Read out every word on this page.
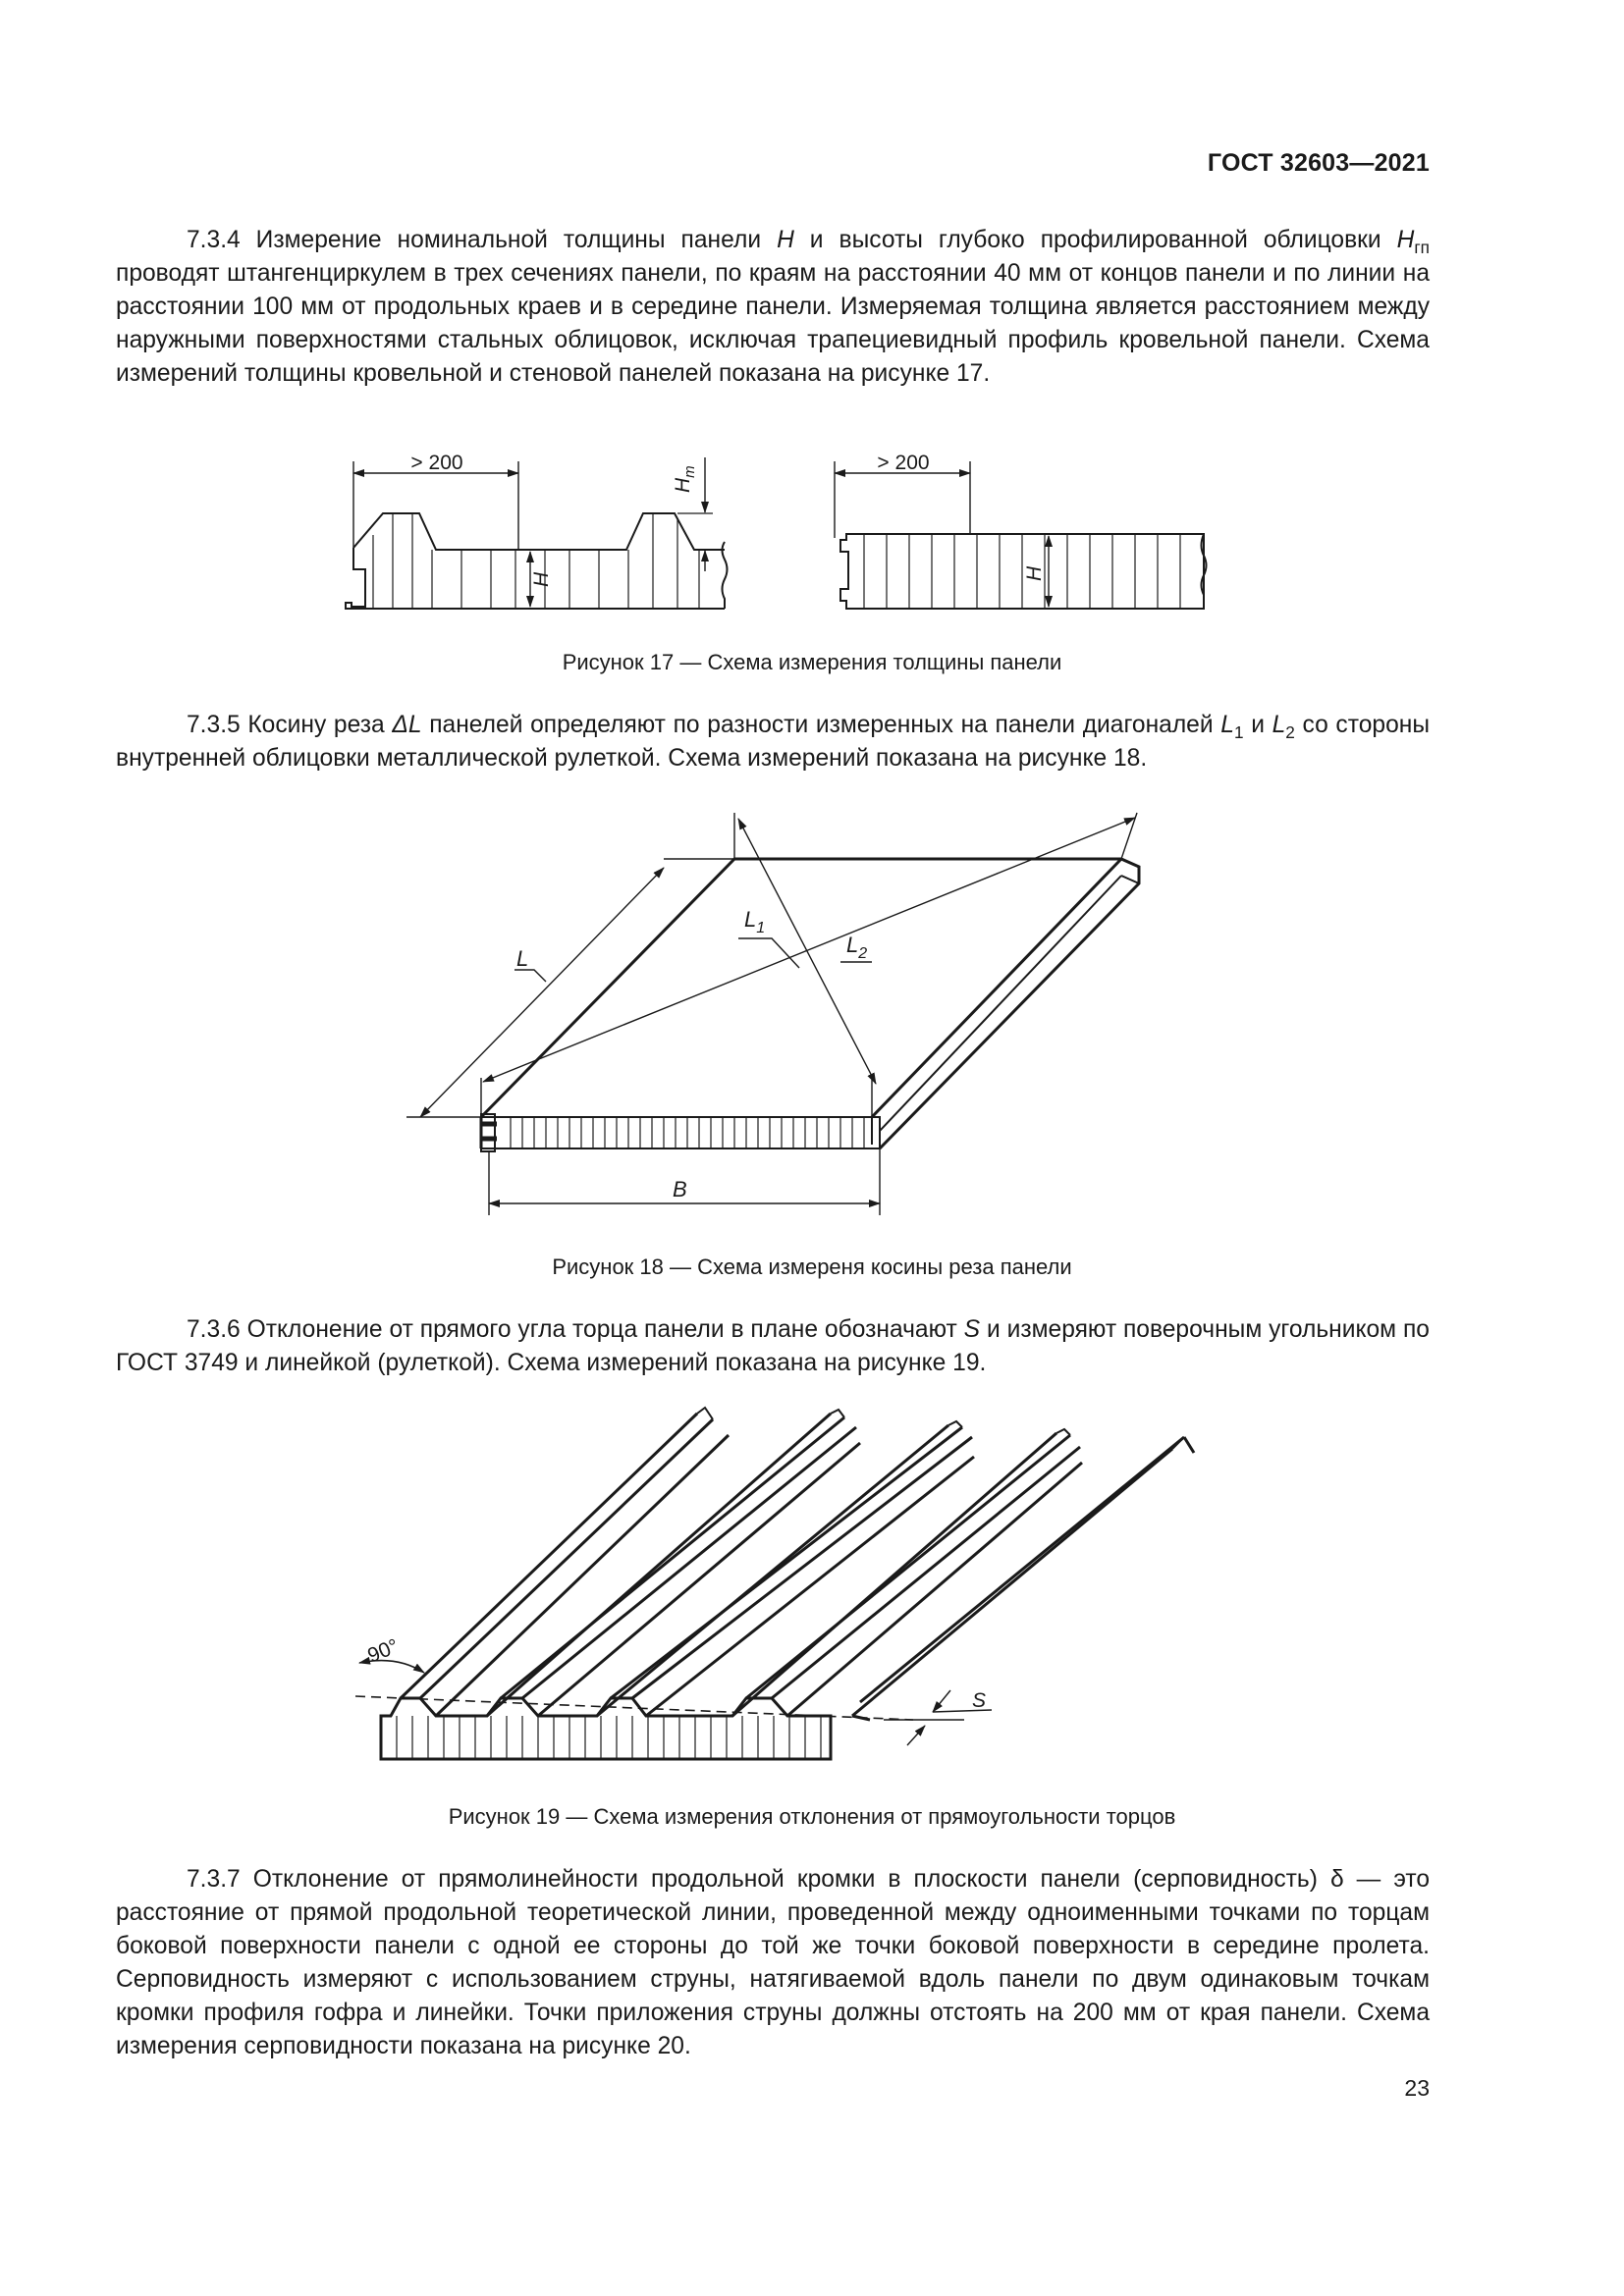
ГОСТ 32603—2021

7.3.4 Измерение номинальной толщины панели H и высоты глубоко профилированной облицовки $H_{гп}$ проводят штангенциркулем в трех сечениях панели, по краям на расстоянии 40 мм от концов панели и по линии на расстоянии 100 мм от продольных краев и в середине панели. Измеряемая толщина является расстоянием между наружными поверхностями стальных облицовок, исключая трапециевидный профиль кровельной панели. Схема измерений толщины кровельной и стеновой панелей показана на рисунке 17.

> 200	> 200
H
$H_m$
H
Рисунок 17 — Схема измерения толщины панели

7.3.5 Косину реза ΔL панелей определяют по разности измеренных на панели диагоналей $L_1$ и $L_2$ со стороны внутренней облицовки металлической рулеткой. Схема измерений показана на рисунке 18.

L
$L_1$
$L_2$
B
Рисунок 18 — Схема измереня косины реза панели

7.3.6 Отклонение от прямого угла торца панели в плане обозначают S и измеряют поверочным угольником по ГОСТ 3749 и линейкой (рулеткой). Схема измерений показана на рисунке 19.

90°
S
Рисунок 19 — Схема измерения отклонения от прямоугольности торцов

7.3.7 Отклонение от прямолинейности продольной кромки в плоскости панели (серповидность) δ — это расстояние от прямой продольной теоретической линии, проведенной между одноименными точками по торцам боковой поверхности панели с одной ее стороны до той же точки боковой поверхности в середине пролета. Серповидность измеряют с использованием струны, натягиваемой вдоль панели по двум одинаковым точкам кромки профиля гофра и линейки. Точки приложения струны должны отстоять на 200 мм от края панели. Схема измерения серповидности показана на рисунке 20.

23
